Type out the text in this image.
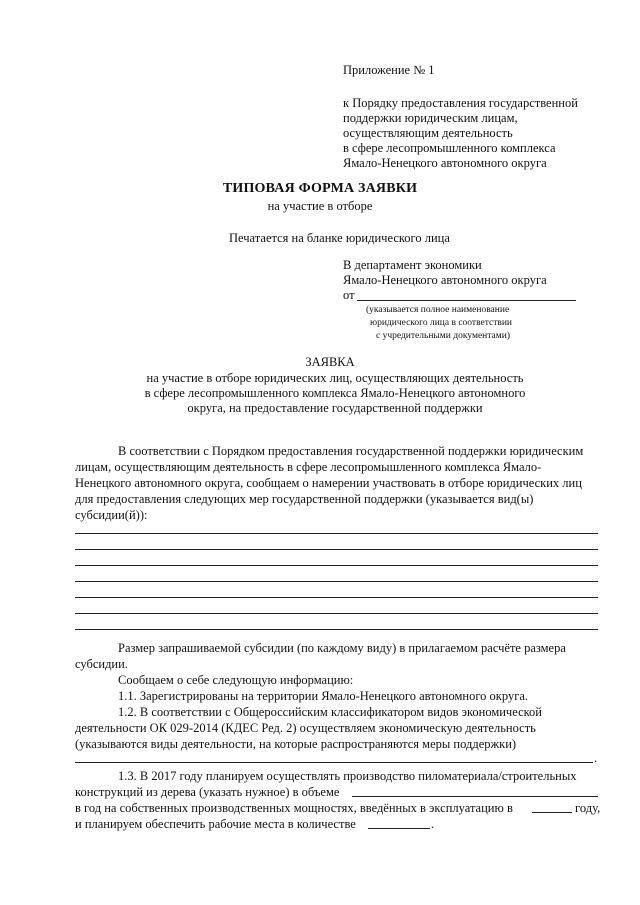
Приложение № 1
к Порядку предоставления государственной
поддержки юридическим лицам,
осуществляющим деятельность
в сфере лесопромышленного комплекса
Ямало-Ненецкого автономного округа
ТИПОВАЯ ФОРМА ЗАЯВКИ
на участие в отборе
Печатается на бланке юридического лица
В департамент экономики
Ямало-Ненецкого автономного округа
от
(указывается полное наименование
юридического лица в соответствии
с учредительными документами)
ЗАЯВКА
на участие в отборе юридических лиц, осуществляющих деятельность
в сфере лесопромышленного комплекса Ямало-Ненецкого автономного
округа, на предоставление государственной поддержки
В соответствии с Порядком предоставления государственной поддержки юридическим
лицам, осуществляющим деятельность в сфере лесопромышленного комплекса Ямало-
Ненецкого автономного округа, сообщаем о намерении участвовать в отборе юридических лиц
для предоставления следующих мер государственной поддержки (указывается вид(ы)
субсидии(й)):
Размер запрашиваемой субсидии (по каждому виду) в прилагаемом расчёте размера
субсидии.
Сообщаем о себе следующую информацию:
1.1. Зарегистрированы на территории Ямало-Ненецкого автономного округа.
1.2. В соответствии с Общероссийским классификатором видов экономической
деятельности ОК 029-2014 (КДЕС Ред. 2) осуществляем экономическую деятельность
(указываются виды деятельности, на которые распространяются меры поддержки)
.
1.3. В 2017 году планируем осуществлять производство пиломатериала/строительных
конструкций из дерева (указать нужное) в объеме
в год на собственных производственных мощностях, введённых в эксплуатацию в	году,
и планируем обеспечить рабочие места в количестве	.
